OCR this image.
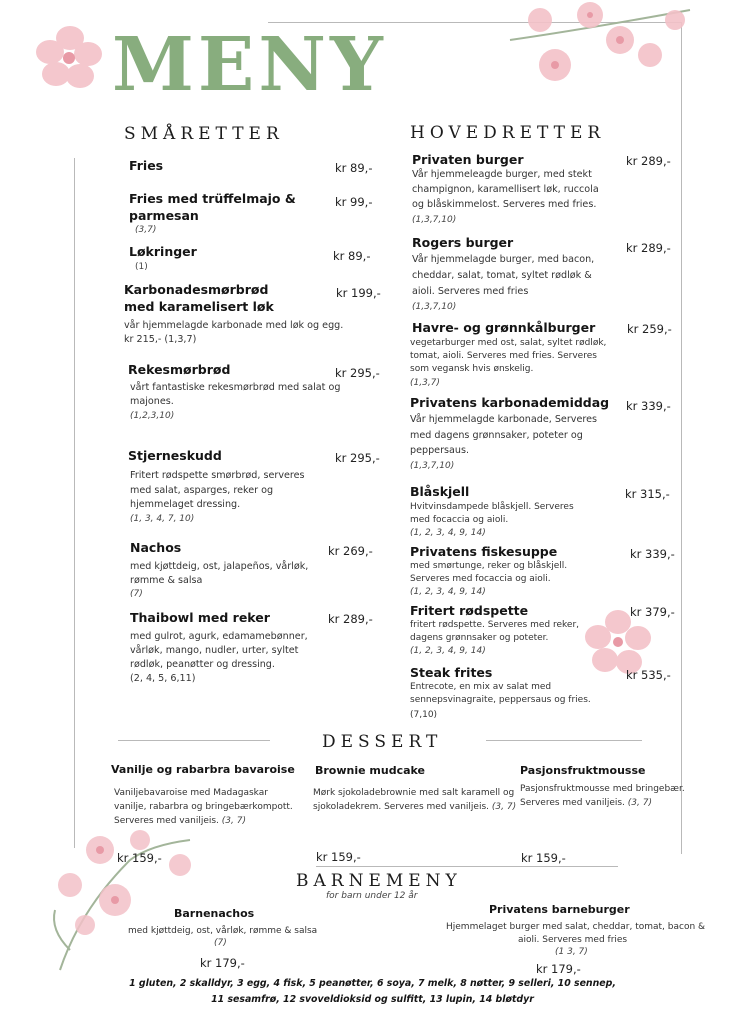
MENY
SMÅRETTER	HOVEDRETTER
Fries	kr 89,-
Fries med trüffelmajo &
parmesan
(3,7)
kr 99,-
Løkringer
(1)
kr 89,-
Karbonadesmørbrød
med karamelisert løk
vår hjemmelagde karbonade med løk og egg.
kr 215,- (1,3,7)
kr 199,-
Rekesmørbrød
vårt fantastiske rekesmørbrød med salat og
majones.
(1,2,3,10)
kr 295,-
Stjerneskudd
Fritert rødspette smørbrød, serveres
med salat, asparges, reker og
hjemmelaget dressing.
(1, 3, 4, 7, 10)
kr 295,-
Nachos
med kjøttdeig, ost, jalapeños, vårløk,
rømme & salsa
(7)
kr 269,-
Thaibowl med reker
med gulrot, agurk, edamamebønner,
vårløk, mango, nudler, urter, syltet
rødløk, peanøtter og dressing.
(2, 4, 5, 6,11)
kr 289,-
Privaten burger
Vår hjemmeleagde burger, med stekt
champignon, karamellisert løk, ruccola
og blåskimmelost. Serveres med fries.
(1,3,7,10)
kr 289,-
Rogers burger
Vår hjemmelagde burger, med bacon,
cheddar, salat, tomat, syltet rødløk &
aioli. Serveres med fries
(1,3,7,10)
kr 289,-
Havre- og grønnkålburger
vegetarburger med ost, salat, syltet rødløk,
tomat, aioli. Serveres med fries. Serveres
som vegansk hvis ønskelig.
(1,3,7)
kr 259,-
Privatens karbonademiddag
Vår hjemmelagde karbonade, Serveres
med dagens grønnsaker, poteter og
peppersaus.
(1,3,7,10)
kr 339,-
Blåskjell
Hvitvinsdampede blåskjell. Serveres
med focaccia og aioli.
(1, 2, 3, 4, 9, 14)
kr 315,-
Privatens fiskesuppe
med smørtunge, reker og blåskjell.
Serveres med focaccia og aioli.
(1, 2, 3, 4, 9, 14)
kr 339,-
Fritert rødspette
fritert rødspette. Serveres med reker,
dagens grønnsaker og poteter.
(1, 2, 3, 4, 9, 14)
kr 379,-
Steak frites
Entrecote, en mix av salat med
sennepsvinagraite, peppersaus og fries.
(7,10)
kr 535,-
DESSERT
Vanilje og rabarbra bavaroise
Vaniljebavaroise med Madagaskar
vanilje, rabarbra og bringebærkompott.
Serveres med vaniljeis. (3, 7)
kr 159,-
Brownie mudcake
Mørk sjokoladebrownie med salt karamell og
sjokoladekrem. Serveres med vaniljeis. (3, 7)
kr 159,-
Pasjonsfruktmousse
Pasjonsfruktmousse med bringebær.
Serveres med vaniljeis. (3, 7)
kr 159,-
BARNEMENY
for barn under 12 år
Barnenachos
med kjøttdeig, ost, vårløk, rømme & salsa
(7)
kr 179,-
Privatens barneburger
Hjemmelaget burger med salat, cheddar, tomat, bacon &
aioli. Serveres med fries
(1 3, 7)
kr 179,-
1 gluten, 2 skalldyr, 3 egg, 4 fisk, 5 peanøtter, 6 soya, 7 melk, 8 nøtter, 9 selleri, 10 sennep,
11 sesamfrø, 12 svoveldioksid og sulfitt, 13 lupin, 14 bløtdyr
